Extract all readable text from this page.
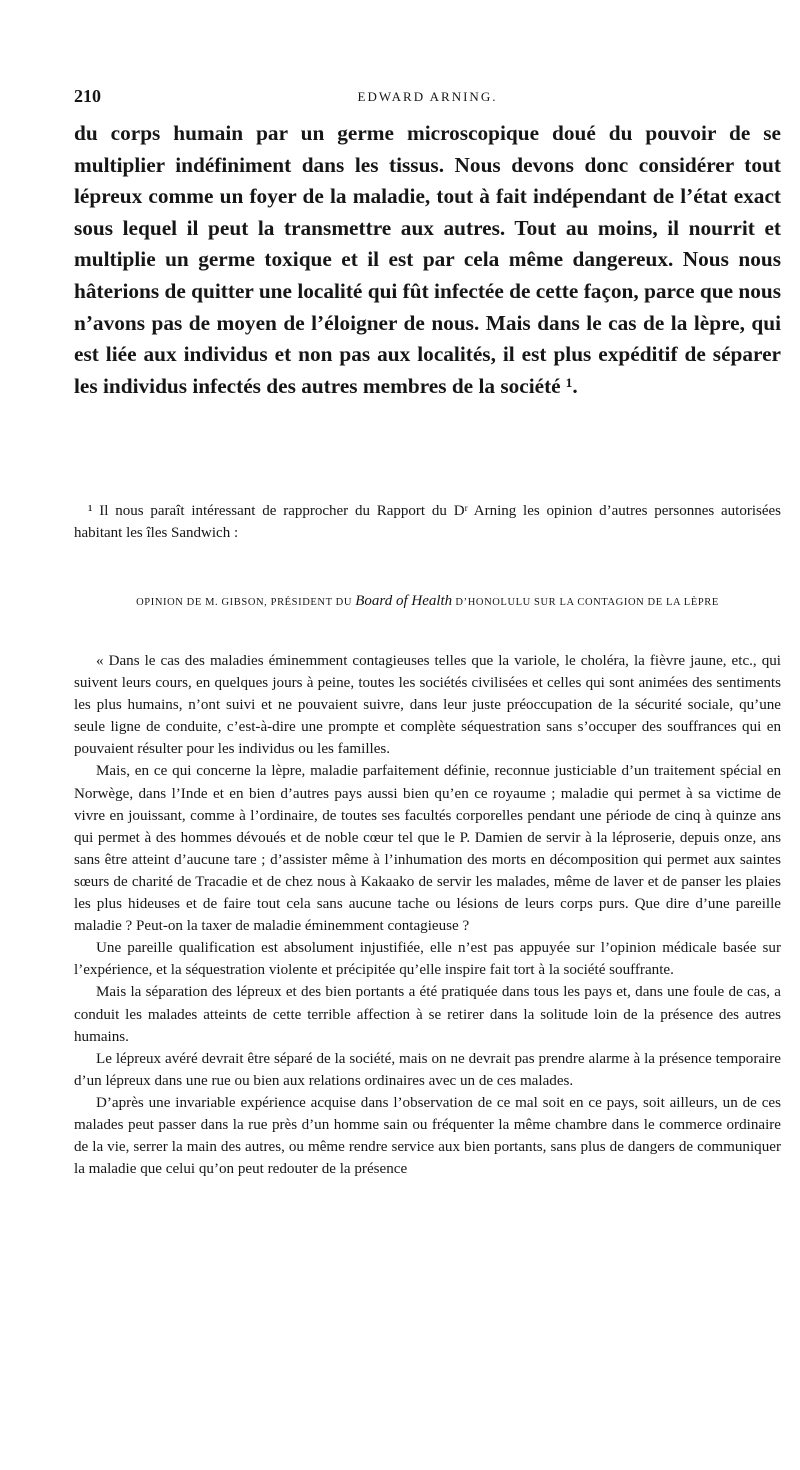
210	EDWARD ARNING.

du corps humain par un germe microscopique doué du pouvoir de se multiplier indéfiniment dans les tissus. Nous devons donc considérer tout lépreux comme un foyer de la maladie, tout à fait indépendant de l’état exact sous lequel il peut la transmettre aux autres. Tout au moins, il nourrit et multiplie un germe toxique et il est par cela même dangereux. Nous nous hâterions de quitter une localité qui fût infectée de cette façon, parce que nous n’avons pas de moyen de l’éloigner de nous. Mais dans le cas de la lèpre, qui est liée aux individus et non pas aux localités, il est plus expéditif de séparer les individus infectés des autres membres de la société ¹.

¹ Il nous paraît intéressant de rapprocher du Rapport du Dʳ Arning les opinion d’autres personnes autorisées habitant les îles Sandwich :

OPINION DE M. GIBSON, PRÉSIDENT DU Board of Health D’HONOLULU SUR LA CONTAGION DE LA LÈPRE

« Dans le cas des maladies éminemment contagieuses telles que la variole, le choléra, la fièvre jaune, etc., qui suivent leurs cours, en quelques jours à peine, toutes les sociétés civilisées et celles qui sont animées des sentiments les plus humains, n’ont suivi et ne pouvaient suivre, dans leur juste préoccupation de la sécurité sociale, qu’une seule ligne de conduite, c’est-à-dire une prompte et complète séquestration sans s’occuper des souffrances qui en pouvaient résulter pour les individus ou les familles.

Mais, en ce qui concerne la lèpre, maladie parfaitement définie, reconnue justiciable d’un traitement spécial en Norwège, dans l’Inde et en bien d’autres pays aussi bien qu’en ce royaume ; maladie qui permet à sa victime de vivre en jouissant, comme à l’ordinaire, de toutes ses facultés corporelles pendant une période de cinq à quinze ans qui permet à des hommes dévoués et de noble cœur tel que le P. Damien de servir à la léproserie, depuis onze, ans sans être atteint d’aucune tare ; d’assister même à l’inhumation des morts en décomposition qui permet aux saintes sœurs de charité de Tracadie et de chez nous à Kakaako de servir les malades, même de laver et de panser les plaies les plus hideuses et de faire tout cela sans aucune tache ou lésions de leurs corps purs. Que dire d’une pareille maladie ? Peut-on la taxer de maladie éminemment contagieuse ?

Une pareille qualification est absolument injustifiée, elle n’est pas appuyée sur l’opinion médicale basée sur l’expérience, et la séquestration violente et précipitée qu’elle inspire fait tort à la société souffrante.

Mais la séparation des lépreux et des bien portants a été pratiquée dans tous les pays et, dans une foule de cas, a conduit les malades atteints de cette terrible affection à se retirer dans la solitude loin de la présence des autres humains.

Le lépreux avéré devrait être séparé de la société, mais on ne devrait pas prendre alarme à la présence temporaire d’un lépreux dans une rue ou bien aux relations ordinaires avec un de ces malades.

D’après une invariable expérience acquise dans l’observation de ce mal soit en ce pays, soit ailleurs, un de ces malades peut passer dans la rue près d’un homme sain ou fréquenter la même chambre dans le commerce ordinaire de la vie, serrer la main des autres, ou même rendre service aux bien portants, sans plus de dangers de communiquer la maladie que celui qu’on peut redouter de la présence
